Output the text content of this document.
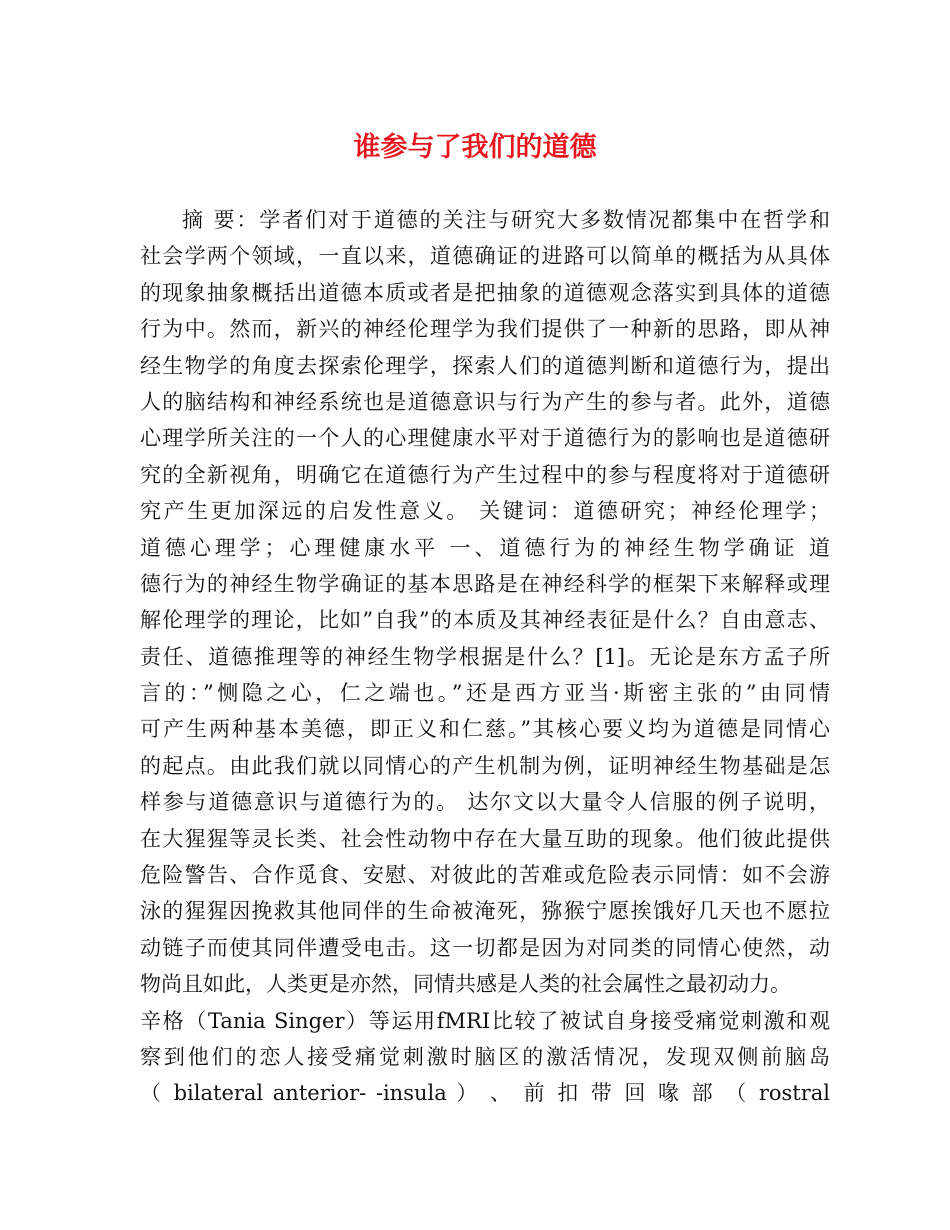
谁参与了我们的道德
摘 要：学者们对于道德的关注与研究大多数情况都集中在哲学和
社会学两个领域，一直以来，道德确证的进路可以简单的概括为从具体
的现象抽象概括出道德本质或者是把抽象的道德观念落实到具体的道德
行为中。然而，新兴的神经伦理学为我们提供了一种新的思路，即从神
经生物学的角度去探索伦理学，探索人们的道德判断和道德行为，提出
人的脑结构和神经系统也是道德意识与行为产生的参与者。此外，道德
心理学所关注的一个人的心理健康水平对于道德行为的影响也是道德研
究的全新视角，明确它在道德行为产生过程中的参与程度将对于道德研
究产生更加深远的启发性意义。 关键词：道德研究；神经伦理学；
道德心理学；心理健康水平 一、道德行为的神经生物学确证 道
德行为的神经生物学确证的基本思路是在神经科学的框架下来解释或理
解伦理学的理论，比如”自我”的本质及其神经表征是什么？自由意志、
责任、道德推理等的神经生物学根据是什么？[1]。无论是东方孟子所
言的：”恻隐之心，仁之端也。”还是西方亚当·斯密主张的”由同情
可产生两种基本美德，即正义和仁慈。”其核心要义均为道德是同情心
的起点。由此我们就以同情心的产生机制为例，证明神经生物基础是怎
样参与道德意识与道德行为的。 达尔文以大量令人信服的例子说明，
在大猩猩等灵长类、社会性动物中存在大量互助的现象。他们彼此提供
危险警告、合作觅食、安慰、对彼此的苦难或危险表示同情：如不会游
泳的猩猩因挽救其他同伴的生命被淹死，猕猴宁愿挨饿好几天也不愿拉
动链子而使其同伴遭受电击。这一切都是因为对同类的同情心使然，动
物尚且如此，人类更是亦然，同情共感是人类的社会属性之最初动力。
辛格（Tania Singer）等运用fMRI比较了被试自身接受痛觉刺激和观
察到他们的恋人接受痛觉刺激时脑区的激活情况，发现双侧前脑岛
（ bilateral anterior- -insula ） 、 前 扣 带 回 喙 部 （ rostral
